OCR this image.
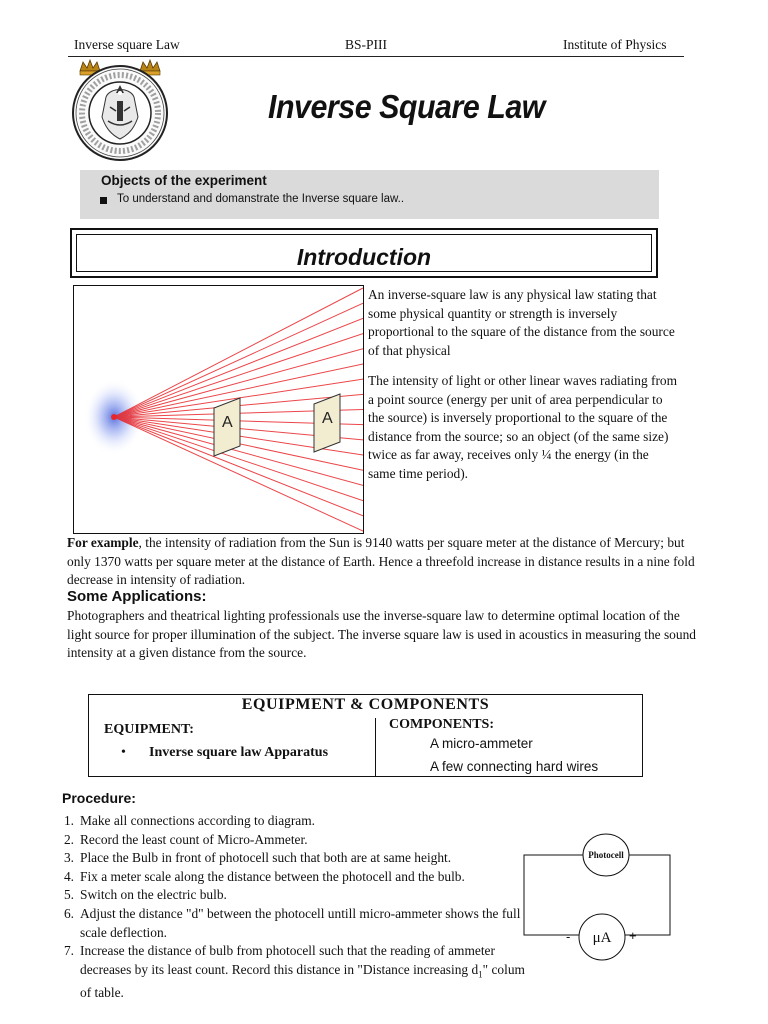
Inverse square Law	BS-PIII	Institute of Physics
Inverse Square Law
Objects of the experiment
To understand and domanstrate the Inverse square law..
Introduction
A	A
An inverse-square law is any physical law stating that some physical quantity or strength is inversely proportional to the square of the distance from the source of that physical
The intensity of light or other linear waves radiating from a point source (energy per unit of area perpendicular to the source) is inversely proportional to the square of the distance from the source; so an object (of the same size) twice as far away, receives only ¼ the energy (in the same time period).
For example, the intensity of radiation from the Sun is 9140 watts per square meter at the distance of Mercury; but only 1370 watts per square meter at the distance of Earth. Hence a threefold increase in distance results in a nine fold decrease in intensity of radiation.
Some Applications:
Photographers and theatrical lighting professionals use the inverse-square law to determine optimal location of the light source for proper illumination of the subject. The inverse square law is used in acoustics in measuring the sound intensity at a given distance from the source.
EQUIPMENT & COMPONENTS
EQUIPMENT:
• Inverse square law Apparatus
COMPONENTS:
A micro-ammeter
A few connecting hard wires
Procedure:
1. Make all connections according to diagram.
2. Record the least count of Micro-Ammeter.
3. Place the Bulb in front of photocell such that both are at same height.
4. Fix a meter scale along the distance between the photocell and the bulb.
5. Switch on the electric bulb.
6. Adjust the distance "d" between the photocell untill micro-ammeter shows the full scale deflection.
7. Increase the distance of bulb from photocell such that the reading of ammeter decreases by its least count. Record this distance in "Distance increasing $d_1$" colum of table.
Photocell
μA
-	+
